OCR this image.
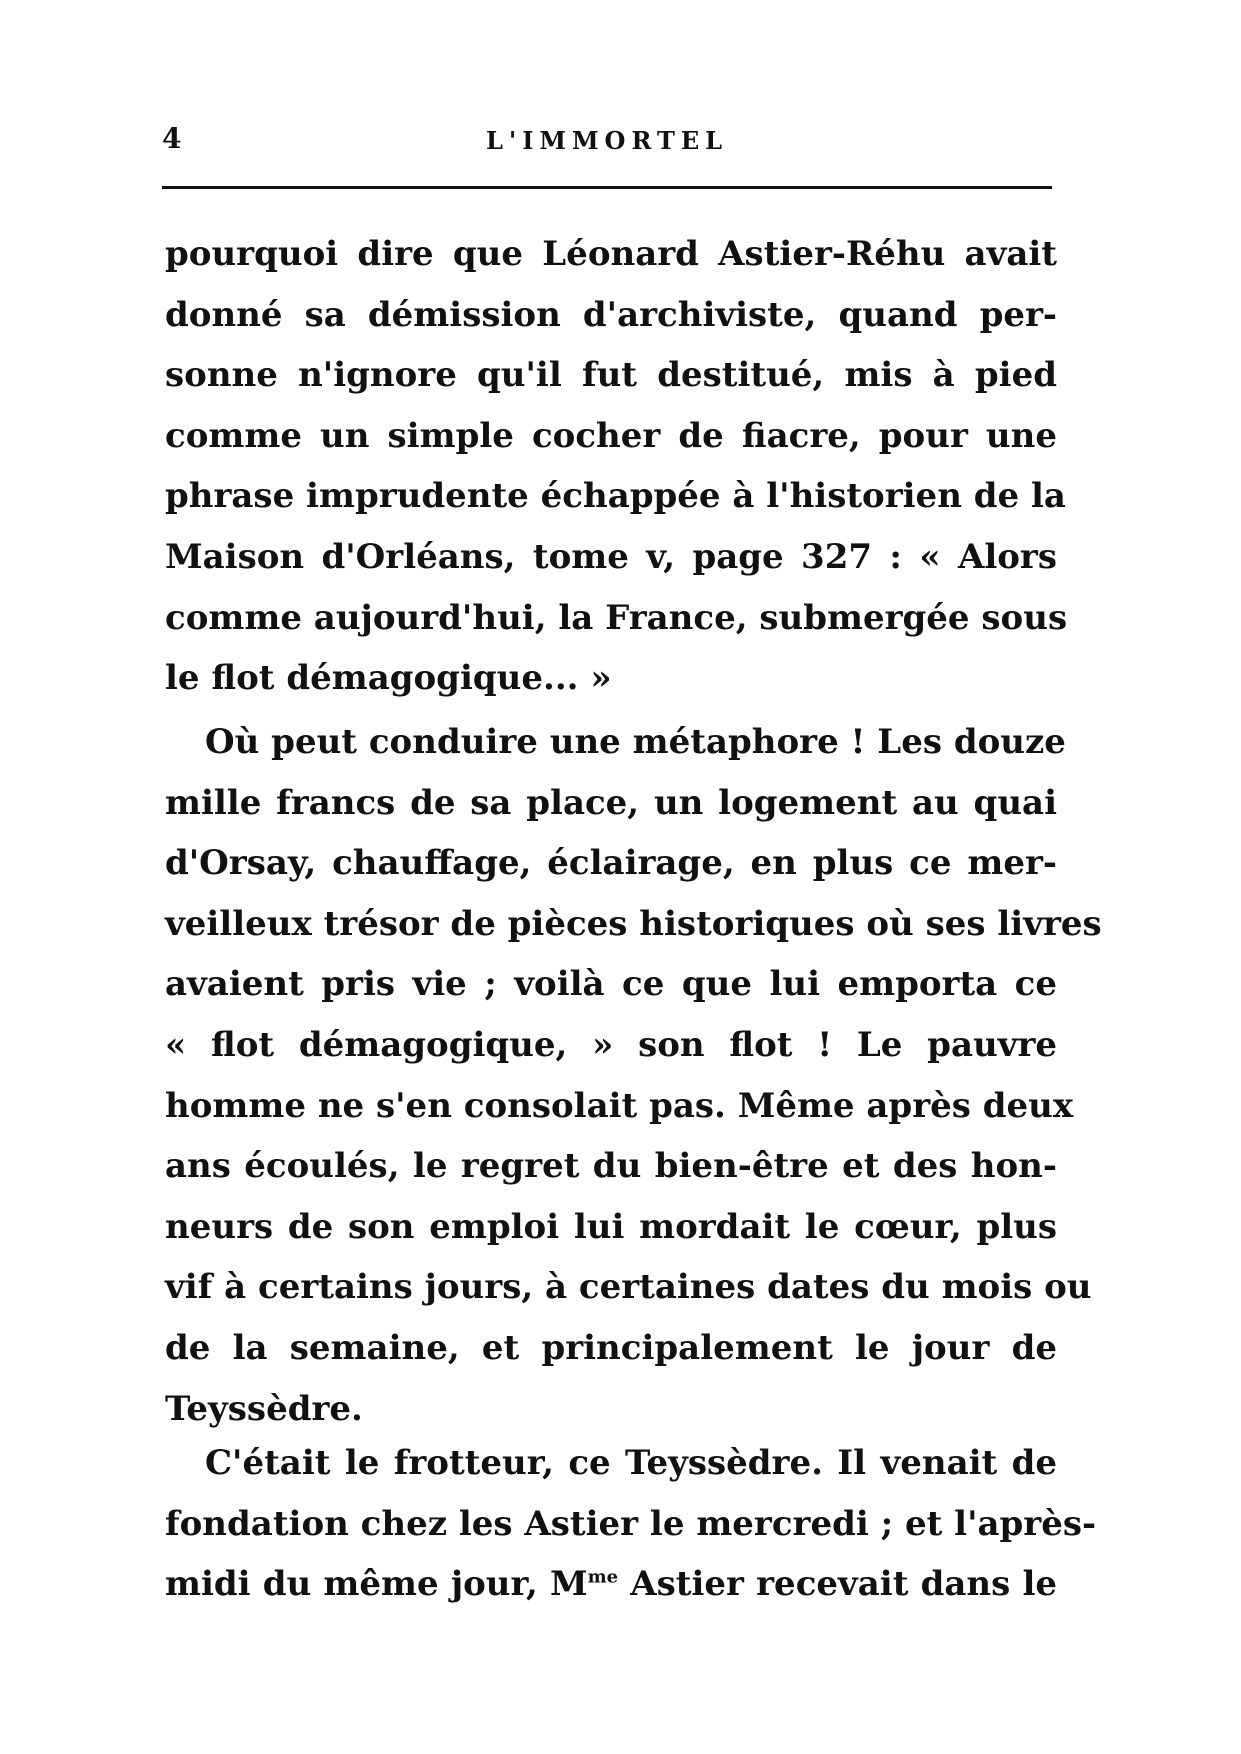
4	L'IMMORTEL
pourquoi dire que Léonard Astier-Réhu avait
donné sa démission d'archiviste, quand per-
sonne n'ignore qu'il fut destitué, mis à pied
comme un simple cocher de fiacre, pour une
phrase imprudente échappée à l'historien de la
Maison d'Orléans, tome v, page 327 : « Alors
comme aujourd'hui, la France, submergée sous
le flot démagogique... »
Où peut conduire une métaphore ! Les douze
mille francs de sa place, un logement au quai
d'Orsay, chauffage, éclairage, en plus ce mer-
veilleux trésor de pièces historiques où ses livres
avaient pris vie ; voilà ce que lui emporta ce
« flot démagogique, » son flot ! Le pauvre
homme ne s'en consolait pas. Même après deux
ans écoulés, le regret du bien-être et des hon-
neurs de son emploi lui mordait le cœur, plus
vif à certains jours, à certaines dates du mois ou
de la semaine, et principalement le jour de
Teyssèdre.
C'était le frotteur, ce Teyssèdre. Il venait de
fondation chez les Astier le mercredi ; et l'après-
midi du même jour, $M^{me}$ Astier recevait dans le
